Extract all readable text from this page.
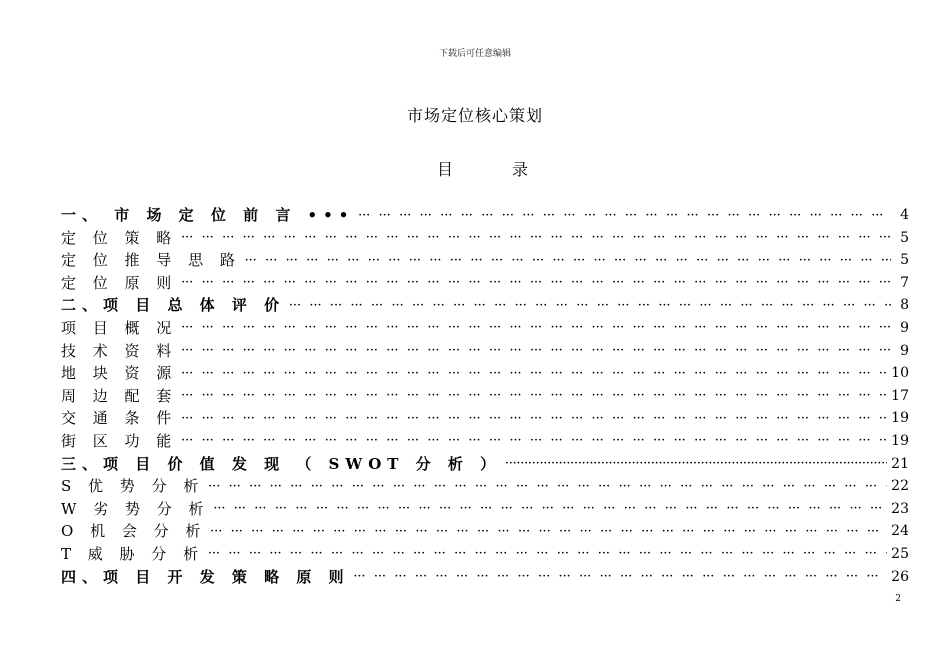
下载后可任意编辑
市场定位核心策划
目	录
一、 市 场 定 位 前 言 ••• ••• •	4
定 位 策 略 ••• •	5
定 位 推 导 思 路 ••• •	5
定 位 原 则 ••• •	7
二、项 目 总 体 评 价 ••• •	8
项 目 概 况 ••• •	9
技 术 资 料 ••• •	9
地 块 资 源 ••• •	10
周 边 配 套 ••• •	17
交 通 条 件 ••• •	19
街 区 功 能 ••• •	19
三、项 目 价 值 发 现 （ SWOT 分 析 ） •••••	21
S 优 势 分 析 ••• •	22
W 劣 势 分 析 ••• •	23
O 机 会 分 析 ••• •	24
T 威 胁 分 析 ••• •	25
四、项 目 开 发 策 略 原 则 ••• •	26
2
